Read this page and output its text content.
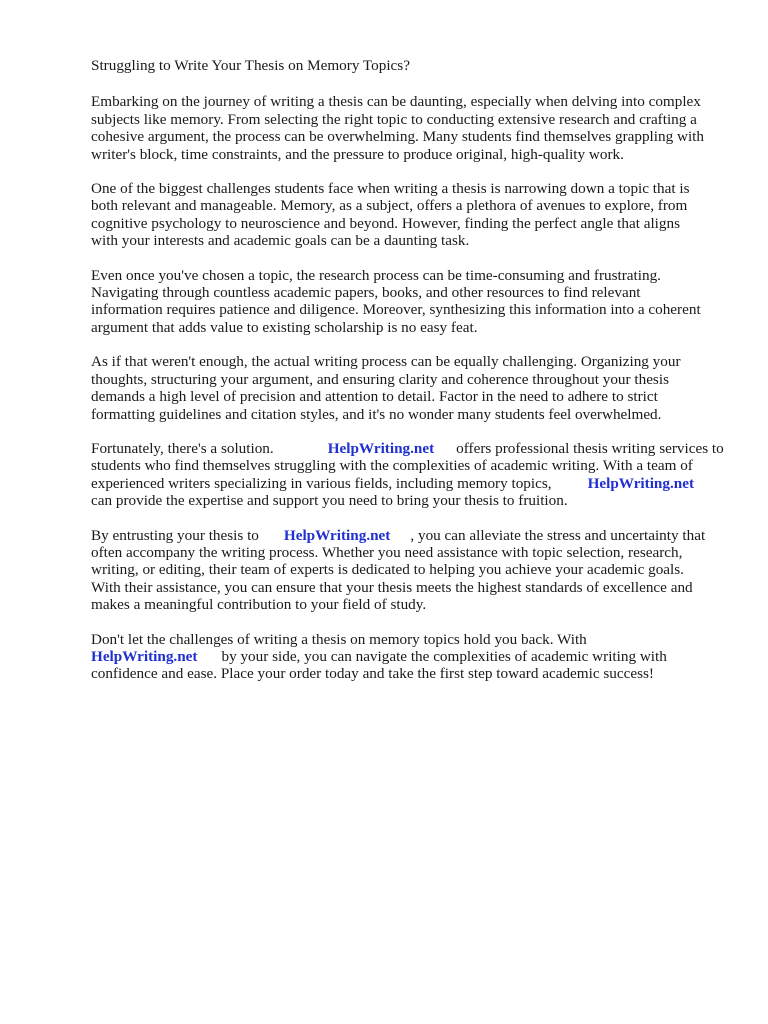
Struggling to Write Your Thesis on Memory Topics?

Embarking on the journey of writing a thesis can be daunting, especially when delving into complex
subjects like memory. From selecting the right topic to conducting extensive research and crafting a
cohesive argument, the process can be overwhelming. Many students find themselves grappling with
writer's block, time constraints, and the pressure to produce original, high-quality work.

One of the biggest challenges students face when writing a thesis is narrowing down a topic that is
both relevant and manageable. Memory, as a subject, offers a plethora of avenues to explore, from
cognitive psychology to neuroscience and beyond. However, finding the perfect angle that aligns
with your interests and academic goals can be a daunting task.

Even once you've chosen a topic, the research process can be time-consuming and frustrating.
Navigating through countless academic papers, books, and other resources to find relevant
information requires patience and diligence. Moreover, synthesizing this information into a coherent
argument that adds value to existing scholarship is no easy feat.

As if that weren't enough, the actual writing process can be equally challenging. Organizing your
thoughts, structuring your argument, and ensuring clarity and coherence throughout your thesis
demands a high level of precision and attention to detail. Factor in the need to adhere to strict
formatting guidelines and citation styles, and it's no wonder many students feel overwhelmed.

Fortunately, there's a solution.	HelpWriting.net offers professional thesis writing services to
students who find themselves struggling with the complexities of academic writing. With a team of
experienced writers specializing in various fields, including memory topics, HelpWriting.net
can provide the expertise and support you need to bring your thesis to fruition.

By entrusting your thesis to HelpWriting.net , you can alleviate the stress and uncertainty that
often accompany the writing process. Whether you need assistance with topic selection, research,
writing, or editing, their team of experts is dedicated to helping you achieve your academic goals.
With their assistance, you can ensure that your thesis meets the highest standards of excellence and
makes a meaningful contribution to your field of study.

Don't let the challenges of writing a thesis on memory topics hold you back. With
HelpWriting.net by your side, you can navigate the complexities of academic writing with
confidence and ease. Place your order today and take the first step toward academic success!
